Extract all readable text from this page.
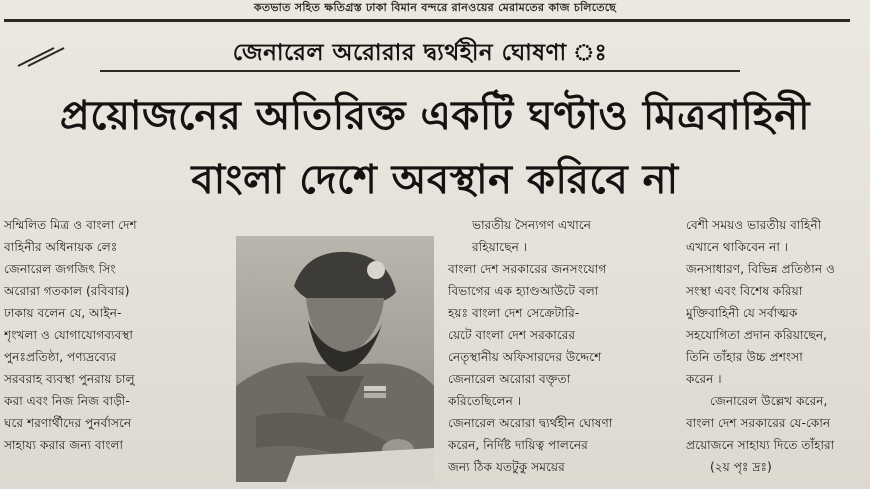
কতভাত সহিত ক্ষতিগ্রস্ত ঢাকা বিমান বন্দরে রানওয়ের মেরামতের কাজ চলিতেছে
জেনারেল অরোরার দ্ব্যর্থহীন ঘোষণা ঃ
প্রয়োজনের অতিরিক্ত একটি ঘণ্টাও মিত্রবাহিনী
বাংলা দেশে অবস্থান করিবে না

সম্মিলিত মিত্র ও বাংলা দেশ

বাহিনীর অধিনায়ক লেঃ

জেনারেল জগজিৎ সিং

অরোরা গতকাল (রবিবার)

ঢাকায় বলেন যে, আইন-

শৃংখলা ও যোগাযোগব্যবস্থা

পুনঃপ্রতিষ্ঠা, পণ্যদ্রব্যের

সরবরাহ ব্যবস্থা পুনরায় চালু

করা এবং নিজ নিজ বাড়ী-

ঘরে শরণার্থীদের পুনর্বাসনে

সাহায্য করার জন্য বাংলা

ভারতীয় সৈন্যগণ এখানে

রহিয়াছেন ।

বাংলা দেশ সরকারের জনসংযোগ

বিভাগের এক হ্যাণ্ডআউটে বলা

হয়ঃ বাংলা দেশ সেক্রেটারি-

য়েটে বাংলা দেশ সরকারের

নেতৃস্থানীয় অফিসারদের উদ্দেশে

জেনারেল অরোরা বক্তৃতা

করিতেছিলেন ।

জেনারেল অরোরা দ্ব্যর্থহীন ঘোষণা

করেন, নির্দিষ্ট দায়িত্ব পালনের

জন্য ঠিক যতটুকু সময়ের

বেশী সময়ও ভারতীয় বাহিনী

এখানে থাকিবেন না ।

জনসাধারণ, বিভিন্ন প্রতিষ্ঠান ও

সংস্থা এবং বিশেষ করিয়া

মুক্তিবাহিনী যে সর্বাত্মক

সহযোগিতা প্রদান করিয়াছেন,

তিনি তাঁহার উচ্চ প্রশংসা

করেন ।

জেনারেল উল্লেখ করেন,

বাংলা দেশ সরকারের যে-কোন

প্রয়োজনে সাহায্য দিতে তাঁহারা

(২য় পৃঃ দ্রঃ)
